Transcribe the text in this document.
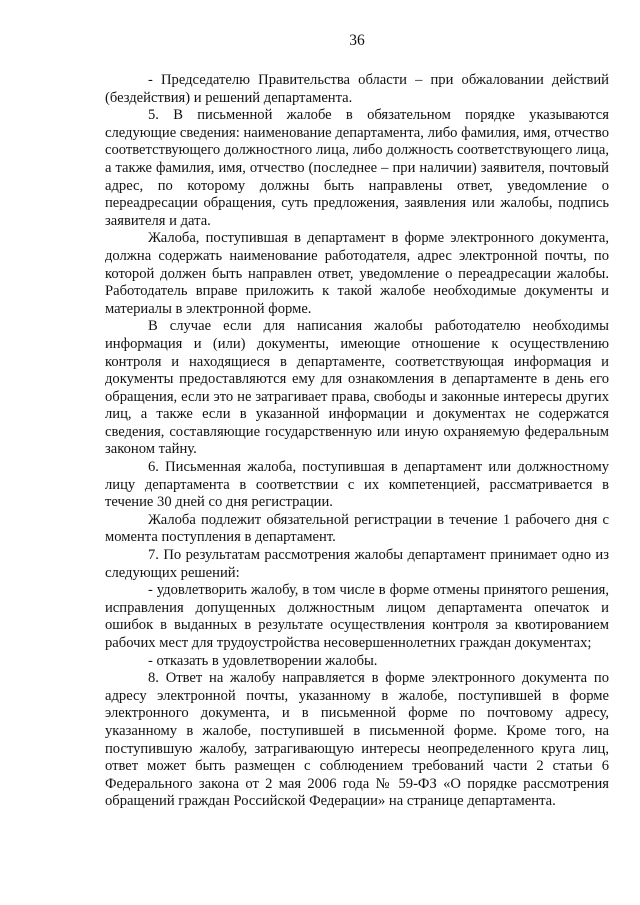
36

- Председателю Правительства области – при обжаловании действий (бездействия) и решений департамента.

5. В письменной жалобе в обязательном порядке указываются следующие сведения: наименование департамента, либо фамилия, имя, отчество соответствующего должностного лица, либо должность соответствующего лица, а также фамилия, имя, отчество (последнее – при наличии) заявителя, почтовый адрес, по которому должны быть направлены ответ, уведомление о переадресации обращения, суть предложения, заявления или жалобы, подпись заявителя и дата.

Жалоба, поступившая в департамент в форме электронного документа, должна содержать наименование работодателя, адрес электронной почты, по которой должен быть направлен ответ, уведомление о переадресации жалобы. Работодатель вправе приложить к такой жалобе необходимые документы и материалы в электронной форме.

В случае если для написания жалобы работодателю необходимы информация и (или) документы, имеющие отношение к осуществлению контроля и находящиеся в департаменте, соответствующая информация и документы предоставляются ему для ознакомления в департаменте в день его обращения, если это не затрагивает права, свободы и законные интересы других лиц, а также если в указанной информации и документах не содержатся сведения, составляющие государственную или иную охраняемую федеральным законом тайну.

6. Письменная жалоба, поступившая в департамент или должностному лицу департамента в соответствии с их компетенцией, рассматривается в течение 30 дней со дня регистрации.

Жалоба подлежит обязательной регистрации в течение 1 рабочего дня с момента поступления в департамент.

7. По результатам рассмотрения жалобы департамент принимает одно из следующих решений:

- удовлетворить жалобу, в том числе в форме отмены принятого решения, исправления допущенных должностным лицом департамента опечаток и ошибок в выданных в результате осуществления контроля за квотированием рабочих мест для трудоустройства несовершеннолетних граждан документах;

- отказать в удовлетворении жалобы.

8. Ответ на жалобу направляется в форме электронного документа по адресу электронной почты, указанному в жалобе, поступившей в форме электронного документа, и в письменной форме по почтовому адресу, указанному в жалобе, поступившей в письменной форме. Кроме того, на поступившую жалобу, затрагивающую интересы неопределенного круга лиц, ответ может быть размещен с соблюдением требований части 2 статьи 6 Федерального закона от 2 мая 2006 года № 59-ФЗ «О порядке рассмотрения обращений граждан Российской Федерации» на странице департамента.
